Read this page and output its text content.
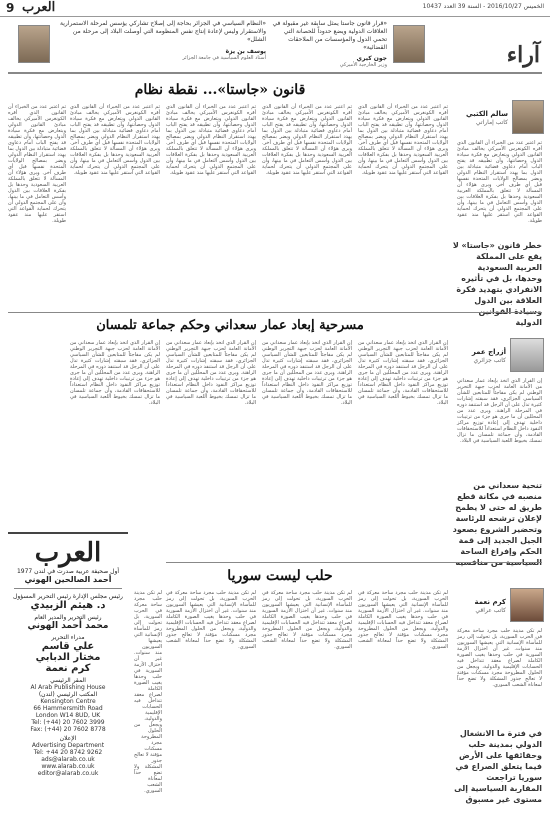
9 العرب	الخميس 2016/10/27 - السنة 39 العدد 10437
«النظام السياسي في الجزائر بحاجة إلى إصلاح تشاركي يؤسس لمرحلة الاستمرارية والاستقرار وليس لإعادة إنتاج نفس المنظومة التي أوصلت البلاد إلى مرحلة من الشلل»
يوسف بن يزة
أستاذ العلوم السياسية في جامعة الجزائر
«قرار قانون جاستا يمثل سابقة غير مقبولة في العلاقات الدولية ويضع حدوداً للحصانة التي تحمي الدول والمؤسسات من الملاحقات القضائية»
جون كيري
وزير الخارجية الأميركي	آراء
قانون «جاستا»... نقطة نظام
سالم الكتبي
كاتب إماراتي
ثم اعتبر عدد من الخبراء أن القانون الذي أقره الكونغرس الأميركي يخالف مبادئ القانون الدولي ويتعارض مع فكرة سيادة الدول وحصانتها، وأن تطبيقه قد يفتح الباب أمام دعاوى قضائية متبادلة بين الدول بما يهدد استقرار النظام الدولي ويضر بمصالح الولايات المتحدة نفسها قبل أي طرف آخر. ويرى هؤلاء أن المسألة لا تتعلق بالمملكة العربية السعودية وحدها بل بفكرة العلاقات بين الدول وأسس التعامل في ما بينها، وأن على المجتمع الدولي أن يتحرك لحماية القواعد التي استقر عليها منذ عقود طويلة.
خطر قانون «جاستا» لا يقع على المملكة العربية السعودية وحدها، بل في تأثيره الانفرادي بتهديد فكرة العلاقة بين الدول الدولية
ثم اعتبر عدد من الخبراء أن القانون الذي أقره الكونغرس الأميركي يخالف مبادئ القانون الدولي ويتعارض مع فكرة سيادة الدول وحصانتها، وأن تطبيقه قد يفتح الباب أمام دعاوى قضائية متبادلة بين الدول بما يهدد استقرار النظام الدولي ويضر بمصالح الولايات المتحدة نفسها قبل أي طرف آخر. ويرى هؤلاء أن المسألة لا تتعلق بالمملكة العربية السعودية وحدها بل بفكرة العلاقات بين الدول وأسس التعامل في ما بينها، وأن على المجتمع الدولي أن يتحرك لحماية القواعد التي استقر عليها منذ عقود طويلة.
ثم اعتبر عدد من الخبراء أن القانون الذي أقره الكونغرس الأميركي يخالف مبادئ القانون الدولي ويتعارض مع فكرة سيادة الدول وحصانتها، وأن تطبيقه قد يفتح الباب أمام دعاوى قضائية متبادلة بين الدول بما يهدد استقرار النظام الدولي ويضر بمصالح الولايات المتحدة نفسها قبل أي طرف آخر. ويرى هؤلاء أن المسألة لا تتعلق بالمملكة العربية السعودية وحدها بل بفكرة العلاقات بين الدول وأسس التعامل في ما بينها، وأن على المجتمع الدولي أن يتحرك لحماية القواعد التي استقر عليها منذ عقود طويلة.
ثم اعتبر عدد من الخبراء أن القانون الذي أقره الكونغرس الأميركي يخالف مبادئ القانون الدولي ويتعارض مع فكرة سيادة الدول وحصانتها، وأن تطبيقه قد يفتح الباب أمام دعاوى قضائية متبادلة بين الدول بما يهدد استقرار النظام الدولي ويضر بمصالح الولايات المتحدة نفسها قبل أي طرف آخر. ويرى هؤلاء أن المسألة لا تتعلق بالمملكة العربية السعودية وحدها بل بفكرة العلاقات بين الدول وأسس التعامل في ما بينها، وأن على المجتمع الدولي أن يتحرك لحماية القواعد التي استقر عليها منذ عقود طويلة.
ثم اعتبر عدد من الخبراء أن القانون الذي أقره الكونغرس الأميركي يخالف مبادئ القانون الدولي ويتعارض مع فكرة سيادة الدول وحصانتها، وأن تطبيقه قد يفتح الباب أمام دعاوى قضائية متبادلة بين الدول بما يهدد استقرار النظام الدولي ويضر بمصالح الولايات المتحدة نفسها قبل أي طرف آخر. ويرى هؤلاء أن المسألة لا تتعلق بالمملكة العربية السعودية وحدها بل بفكرة العلاقات بين الدول وأسس التعامل في ما بينها، وأن على المجتمع الدولي أن يتحرك لحماية القواعد التي استقر عليها منذ عقود طويلة.
ثم اعتبر عدد من الخبراء أن القانون الذي أقره الكونغرس الأميركي يخالف مبادئ القانون الدولي ويتعارض مع فكرة سيادة الدول وحصانتها، وأن تطبيقه قد يفتح الباب أمام دعاوى قضائية متبادلة بين الدول بما يهدد استقرار النظام الدولي ويضر بمصالح الولايات المتحدة نفسها قبل أي طرف آخر. ويرى هؤلاء أن المسألة لا تتعلق بالمملكة العربية السعودية وحدها بل بفكرة العلاقات بين الدول وأسس التعامل في ما بينها، وأن على المجتمع الدولي أن يتحرك لحماية القواعد التي استقر عليها منذ عقود طويلة.
مسرحية إبعاد عمار سعداني وحكم جماعة تلمسان
أزراج عمر
كاتب جزائري
إن القرار الذي اتخذ بإبعاد عمار سعداني من الأمانة العامة لحزب جبهة التحرير الوطني لم يكن مفاجئاً للمتابعين للشأن السياسي الجزائري، فقد سبقته إشارات كثيرة تدل على أن الرجل قد استنفد دوره في المرحلة الراهنة. ويرى عدد من المحللين أن ما جرى هو جزء من ترتيبات داخلية تهدف إلى إعادة توزيع مراكز النفوذ داخل النظام استعداداً للاستحقاقات القادمة، وأن جماعة تلمسان ما تزال تمسك بخيوط اللعبة السياسية في البلاد.
تنحية سعداني من منصبه في مكانة قطع طريق له حتى لا يطمح لإعلان ترشحه للرئاسة وتحضير الشروع بصعود الجيل الجديد إلى قمة الحكم وإفراغ الساحة
إن القرار الذي اتخذ بإبعاد عمار سعداني من الأمانة العامة لحزب جبهة التحرير الوطني لم يكن مفاجئاً للمتابعين للشأن السياسي الجزائري، فقد سبقته إشارات كثيرة تدل على أن الرجل قد استنفد دوره في المرحلة الراهنة. ويرى عدد من المحللين أن ما جرى هو جزء من ترتيبات داخلية تهدف إلى إعادة توزيع مراكز النفوذ داخل النظام استعداداً للاستحقاقات القادمة، وأن جماعة تلمسان ما تزال تمسك بخيوط اللعبة السياسية في البلاد.
إن القرار الذي اتخذ بإبعاد عمار سعداني من الأمانة العامة لحزب جبهة التحرير الوطني لم يكن مفاجئاً للمتابعين للشأن السياسي الجزائري، فقد سبقته إشارات كثيرة تدل على أن الرجل قد استنفد دوره في المرحلة الراهنة. ويرى عدد من المحللين أن ما جرى هو جزء من ترتيبات داخلية تهدف إلى إعادة توزيع مراكز النفوذ داخل النظام استعداداً للاستحقاقات القادمة، وأن جماعة تلمسان ما تزال تمسك بخيوط اللعبة السياسية في البلاد.
إن القرار الذي اتخذ بإبعاد عمار سعداني من الأمانة العامة لحزب جبهة التحرير الوطني لم يكن مفاجئاً للمتابعين للشأن السياسي الجزائري، فقد سبقته إشارات كثيرة تدل على أن الرجل قد استنفد دوره في المرحلة الراهنة. ويرى عدد من المحللين أن ما جرى هو جزء من ترتيبات داخلية تهدف إلى إعادة توزيع مراكز النفوذ داخل النظام استعداداً للاستحقاقات القادمة، وأن جماعة تلمسان ما تزال تمسك بخيوط اللعبة السياسية في البلاد.
إن القرار الذي اتخذ بإبعاد عمار سعداني من الأمانة العامة لحزب جبهة التحرير الوطني لم يكن مفاجئاً للمتابعين للشأن السياسي الجزائري، فقد سبقته إشارات كثيرة تدل على أن الرجل قد استنفد دوره في المرحلة الراهنة. ويرى عدد من المحللين أن ما جرى هو جزء من ترتيبات داخلية تهدف إلى إعادة توزيع مراكز النفوذ داخل النظام استعداداً للاستحقاقات القادمة، وأن جماعة تلمسان ما تزال تمسك بخيوط اللعبة السياسية في البلاد.
العرب
أول صحيفة عربية صدرت في لندن 1977
أحمد الصالحين الهوني
رئيس مجلس الإدارة رئيس التحرير المسؤول
د. هيثم الزبيدي
رئيس التحرير والمدير العام
محمد أحمد الهوني
مدراء التحرير
علي قاسم
مختار الدبابي
كرم نعمة
المقر الرئيسي
Al Arab Publishing House
المكتب الرئيسي (لندن)
Kensington Centre
66 Hammersmith Road
London W14 8UD, UK
Tel: (+44) 20 7602 3999
Fax: (+44) 20 7602 8778
الإعلان
Advertising Department
Tel: +44 20 8742 9262
ads@alarab.co.uk
www.alarab.co.uk
editor@alarab.co.uk
حلب ليست سوريا
كرم نعمة
كاتب عراقي
لم تكن مدينة حلب مجرد ساحة معركة في الحرب السورية، بل تحولت إلى رمز للمأساة الإنسانية التي يعيشها السوريون منذ سنوات. غير أن اختزال الأزمة السورية في حلب وحدها يغيب الصورة الكاملة لصراع معقد تتداخل فيه الحسابات الإقليمية والدولية، ويجعل من الحلول المطروحة مجرد مسكنات مؤقتة لا تعالج جذور المشكلة ولا تضع حداً لمعاناة الشعب السوري.
في فترة ما الانشغال الدولي بمدينة حلب وحقائقها على الأرض فيما يتعلق الصراع في سوريا تراجعت المقاربة السياسية إلى مستوى غير مسبوق
لم تكن مدينة حلب مجرد ساحة معركة في الحرب السورية، بل تحولت إلى رمز للمأساة الإنسانية التي يعيشها السوريون منذ سنوات. غير أن اختزال الأزمة السورية في حلب وحدها يغيب الصورة الكاملة لصراع معقد تتداخل فيه الحسابات الإقليمية والدولية، ويجعل من الحلول المطروحة مجرد مسكنات مؤقتة لا تعالج جذور المشكلة ولا تضع حداً لمعاناة الشعب السوري.
لم تكن مدينة حلب مجرد ساحة معركة في الحرب السورية، بل تحولت إلى رمز للمأساة الإنسانية التي يعيشها السوريون منذ سنوات. غير أن اختزال الأزمة السورية في حلب وحدها يغيب الصورة الكاملة لصراع معقد تتداخل فيه الحسابات الإقليمية والدولية، ويجعل من الحلول المطروحة مجرد مسكنات مؤقتة لا تعالج جذور المشكلة ولا تضع حداً لمعاناة الشعب السوري.
لم تكن مدينة حلب مجرد ساحة معركة في الحرب السورية، بل تحولت إلى رمز للمأساة الإنسانية التي يعيشها السوريون منذ سنوات. غير أن اختزال الأزمة السورية في حلب وحدها يغيب الصورة الكاملة لصراع معقد تتداخل فيه الحسابات الإقليمية والدولية، ويجعل من الحلول المطروحة مجرد مسكنات مؤقتة لا تعالج جذور المشكلة ولا تضع حداً لمعاناة الشعب السوري.
لم تكن مدينة حلب مجرد ساحة معركة في الحرب السورية، بل تحولت إلى رمز للمأساة الإنسانية التي يعيشها السوريون منذ سنوات. غير أن اختزال الأزمة السورية في حلب وحدها يغيب الصورة الكاملة لصراع معقد تتداخل فيه الحسابات الإقليمية والدولية، ويجعل من الحلول المطروحة مجرد مسكنات مؤقتة لا تعالج جذور المشكلة ولا تضع حداً لمعاناة الشعب السوري.
